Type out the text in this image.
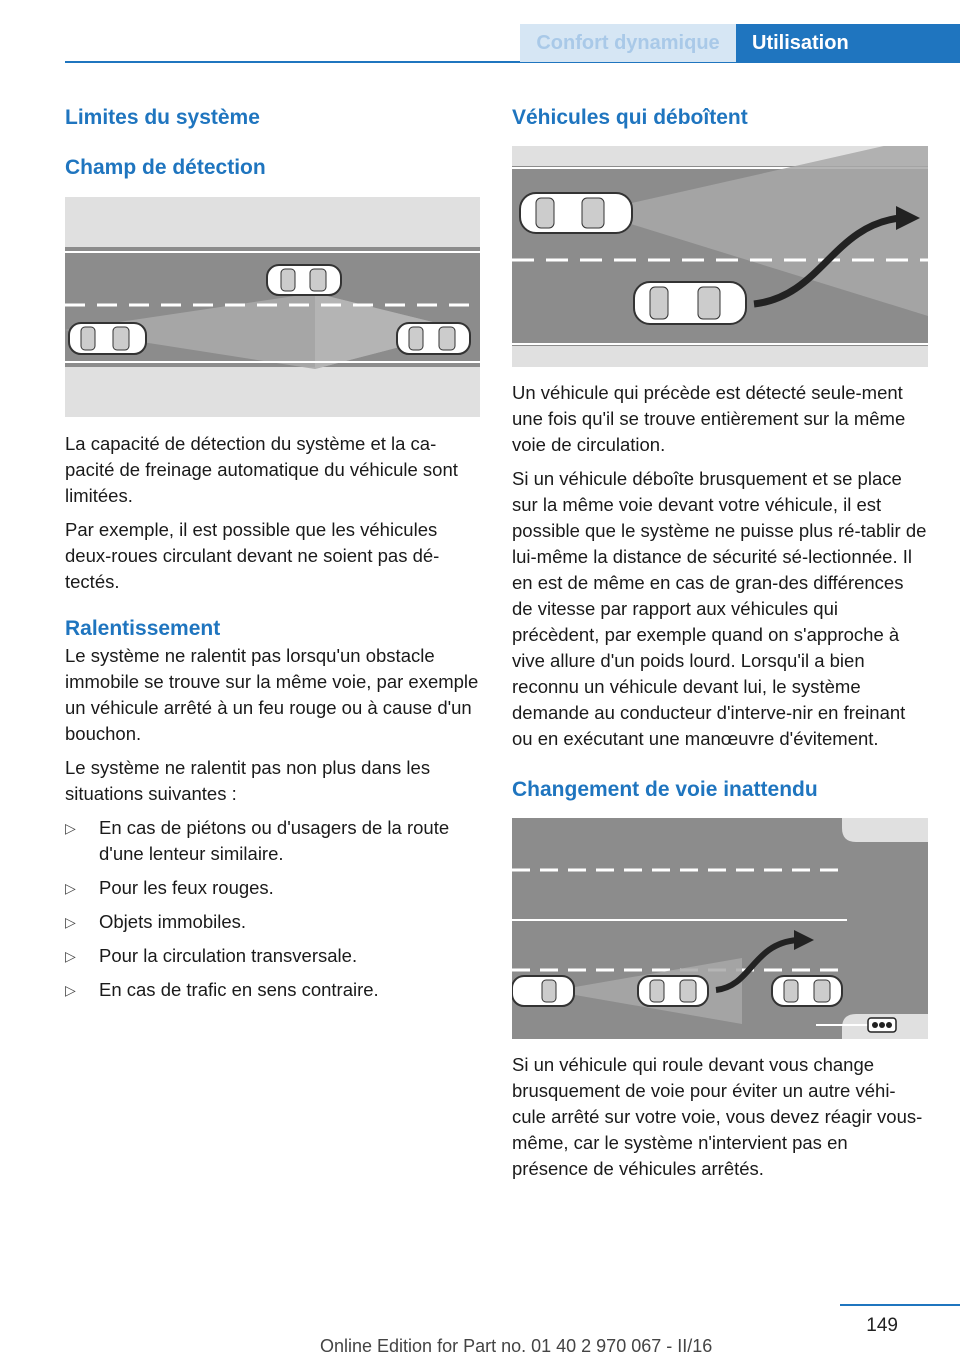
Confort dynamique	Utilisation
Limites du système
Champ de détection

La capacité de détection du système et la ca-pacité de freinage automatique du véhicule sont limitées.

Par exemple, il est possible que les véhicules deux-roues circulant devant ne soient pas dé-tectés.

Ralentissement

Le système ne ralentit pas lorsqu'un obstacle immobile se trouve sur la même voie, par exemple un véhicule arrêté à un feu rouge ou à cause d'un bouchon.

Le système ne ralentit pas non plus dans les situations suivantes :

▷ En cas de piétons ou d'usagers de la route d'une lenteur similaire.
▷ Pour les feux rouges.
▷ Objets immobiles.
▷ Pour la circulation transversale.
▷ En cas de trafic en sens contraire.
Véhicules qui déboîtent

Un véhicule qui précède est détecté seule-ment une fois qu'il se trouve entièrement sur la même voie de circulation.

Si un véhicule déboîte brusquement et se place sur la même voie devant votre véhicule, il est possible que le système ne puisse plus ré-tablir de lui-même la distance de sécurité sé-lectionnée. Il en est de même en cas de gran-des différences de vitesse par rapport aux véhicules qui précèdent, par exemple quand on s'approche à vive allure d'un poids lourd. Lorsqu'il a bien reconnu un véhicule devant lui, le système demande au conducteur d'interve-nir en freinant ou en exécutant une manœuvre d'évitement.

Changement de voie inattendu

Si un véhicule qui roule devant vous change brusquement de voie pour éviter un autre véhi-cule arrêté sur votre voie, vous devez réagir vous-même, car le système n'intervient pas en présence de véhicules arrêtés.

149
Online Edition for Part no. 01 40 2 970 067 - II/16
